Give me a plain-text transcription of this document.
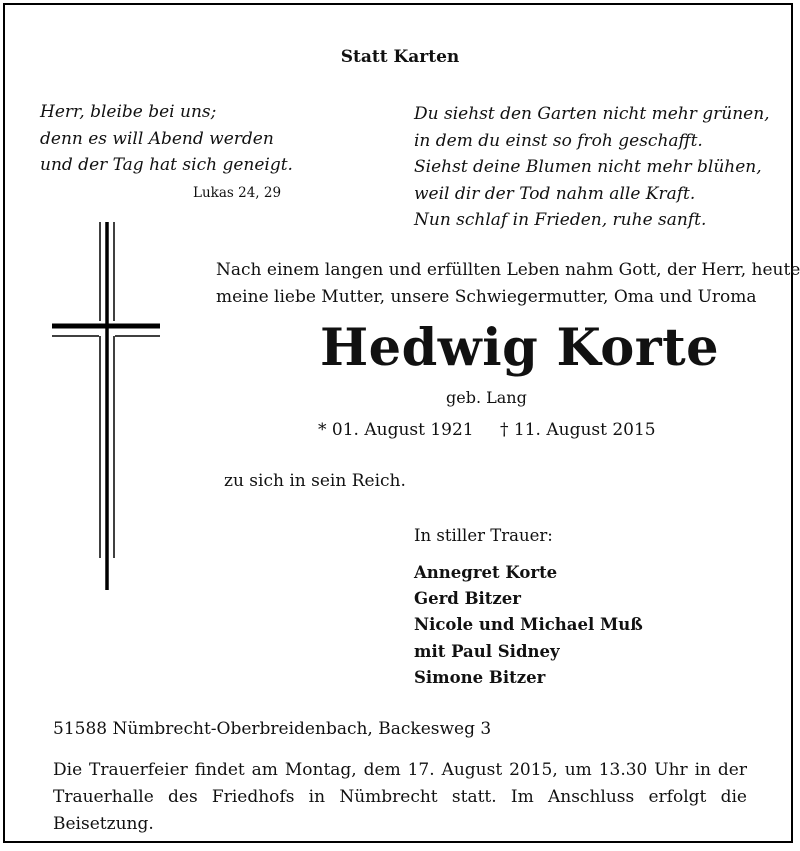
Statt Karten
Herr, bleibe bei uns;
denn es will Abend werden
und der Tag hat sich geneigt.
Lukas 24, 29
Du siehst den Garten nicht mehr grünen,
in dem du einst so froh geschafft.
Siehst deine Blumen nicht mehr blühen,
weil dir der Tod nahm alle Kraft.
Nun schlaf in Frieden, ruhe sanft.
Nach einem langen und erfüllten Leben nahm Gott, der Herr, heute
meine liebe Mutter, unsere Schwiegermutter, Oma und Uroma
Hedwig Korte
geb. Lang
* 01. August 1921 † 11. August 2015
zu sich in sein Reich.
In stiller Trauer:
Annegret Korte
Gerd Bitzer
Nicole und Michael Muß
mit Paul Sidney
Simone Bitzer
51588 Nümbrecht-Oberbreidenbach, Backesweg 3
Die Trauerfeier findet am Montag, dem 17. August 2015, um 13.30 Uhr in der Trauerhalle des Friedhofs in Nümbrecht statt. Im Anschluss erfolgt die Beisetzung.
